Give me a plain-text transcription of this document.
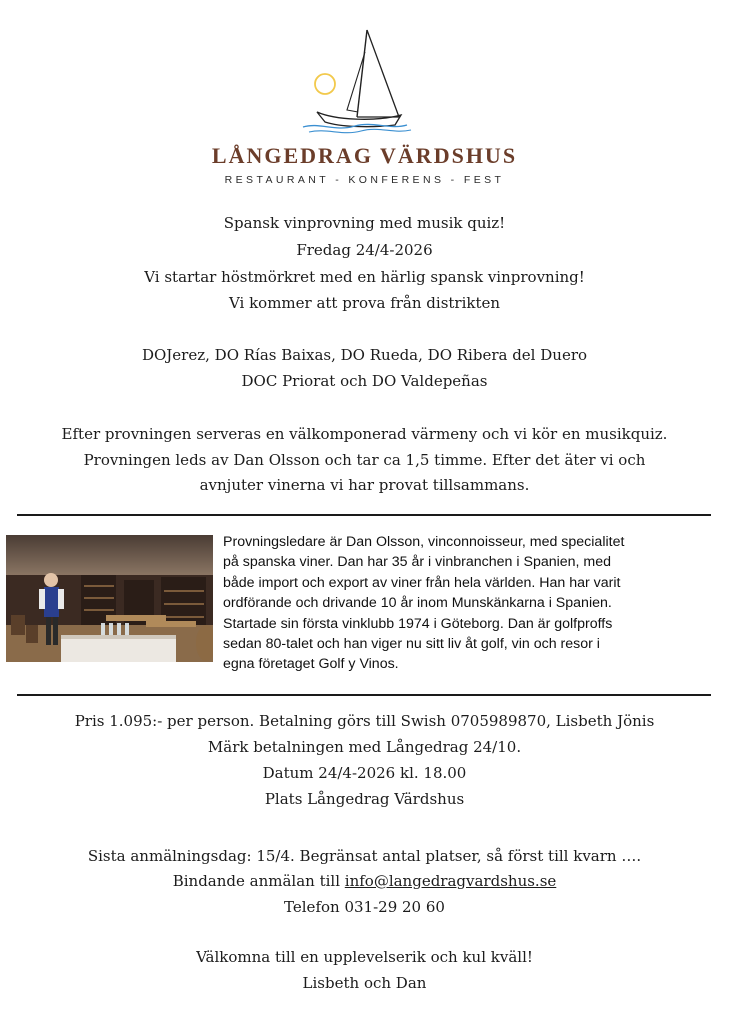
LÅNGEDRAG VÄRDSHUS
RESTAURANT - KONFERENS - FEST
Spansk vinprovning med musik quiz!
Fredag 24/4-2026
Vi startar höstmörkret med en härlig spansk vinprovning!
Vi kommer att prova från distrikten
DOJerez, DO Rías Baixas, DO Rueda, DO Ribera del Duero
DOC Priorat och DO Valdepeñas
Efter provningen serveras en välkomponerad värmeny och vi kör en musikquiz.
Provningen leds av Dan Olsson och tar ca 1,5 timme. Efter det äter vi och
avnjuter vinerna vi har provat tillsammans.
Provningsledare är Dan Olsson, vinconnoisseur, med specialitet
på spanska viner. Dan har 35 år i vinbranchen i Spanien, med
både import och export av viner från hela världen. Han har varit
ordförande och drivande 10 år inom Munskänkarna i Spanien.
Startade sin första vinklubb 1974 i Göteborg. Dan är golfproffs
sedan 80-talet och han viger nu sitt liv åt golf, vin och resor i
egna företaget Golf y Vinos.
Pris 1.095:- per person. Betalning görs till Swish 0705989870, Lisbeth Jönis
Märk betalningen med Långedrag 24/10.
Datum 24/4-2026 kl. 18.00
Plats Långedrag Värdshus
Sista anmälningsdag: 15/4. Begränsat antal platser, så först till kvarn ….
Bindande anmälan till info@langedragvardshus.se
Telefon 031-29 20 60
Välkomna till en upplevelserik och kul kväll!
Lisbeth och Dan
